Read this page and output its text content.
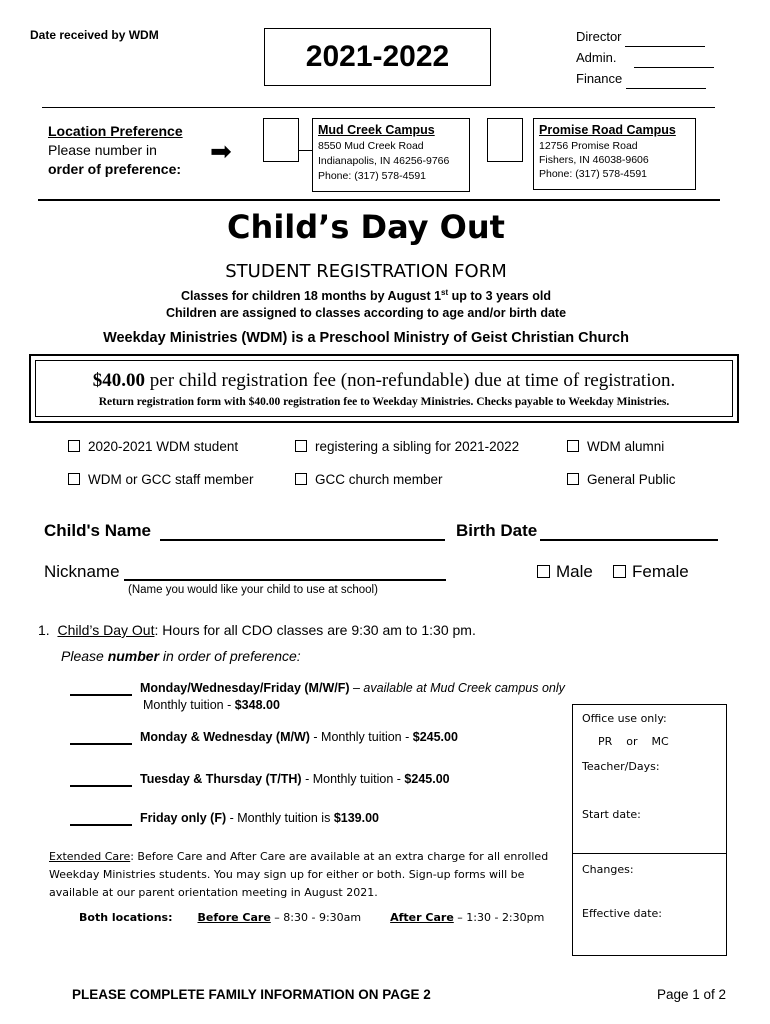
Date received by WDM
2021-2022
Director
Admin.
Finance
Location Preference
Please number in
order of preference:
➡
Mud Creek Campus
8550 Mud Creek Road
Indianapolis, IN 46256-9766
Phone: (317) 578-4591
Promise Road Campus
12756 Promise Road
Fishers, IN 46038-9606
Phone: (317) 578-4591
Child’s Day Out
STUDENT REGISTRATION FORM
Classes for children 18 months by August 1st up to 3 years old
Children are assigned to classes according to age and/or birth date
Weekday Ministries (WDM) is a Preschool Ministry of Geist Christian Church
$40.00 per child registration fee (non-refundable) due at time of registration.
Return registration form with $40.00 registration fee to Weekday Ministries. Checks payable to Weekday Ministries.
2020-2021 WDM student	registering a sibling for 2021-2022	WDM alumni
WDM or GCC staff member	GCC church member	General Public
Child's Name	Birth Date
Nickname	Male	Female
(Name you would like your child to use at school)
1. Child’s Day Out: Hours for all CDO classes are 9:30 am to 1:30 pm.
Please number in order of preference:
Monday/Wednesday/Friday (M/W/F) – available at Mud Creek campus only
Monthly tuition - $348.00
Monday & Wednesday (M/W) - Monthly tuition - $245.00
Tuesday & Thursday (T/TH) - Monthly tuition - $245.00
Friday only (F) - Monthly tuition is $139.00
Office use only:
PR or MC
Teacher/Days:
Start date:
Changes:
Effective date:
Extended Care: Before Care and After Care are available at an extra charge for all enrolled
Weekday Ministries students. You may sign up for either or both. Sign-up forms will be
available at our parent orientation meeting in August 2021.
Both locations: Before Care – 8:30 - 9:30am	After Care – 1:30 - 2:30pm
PLEASE COMPLETE FAMILY INFORMATION ON PAGE 2	Page 1 of 2
